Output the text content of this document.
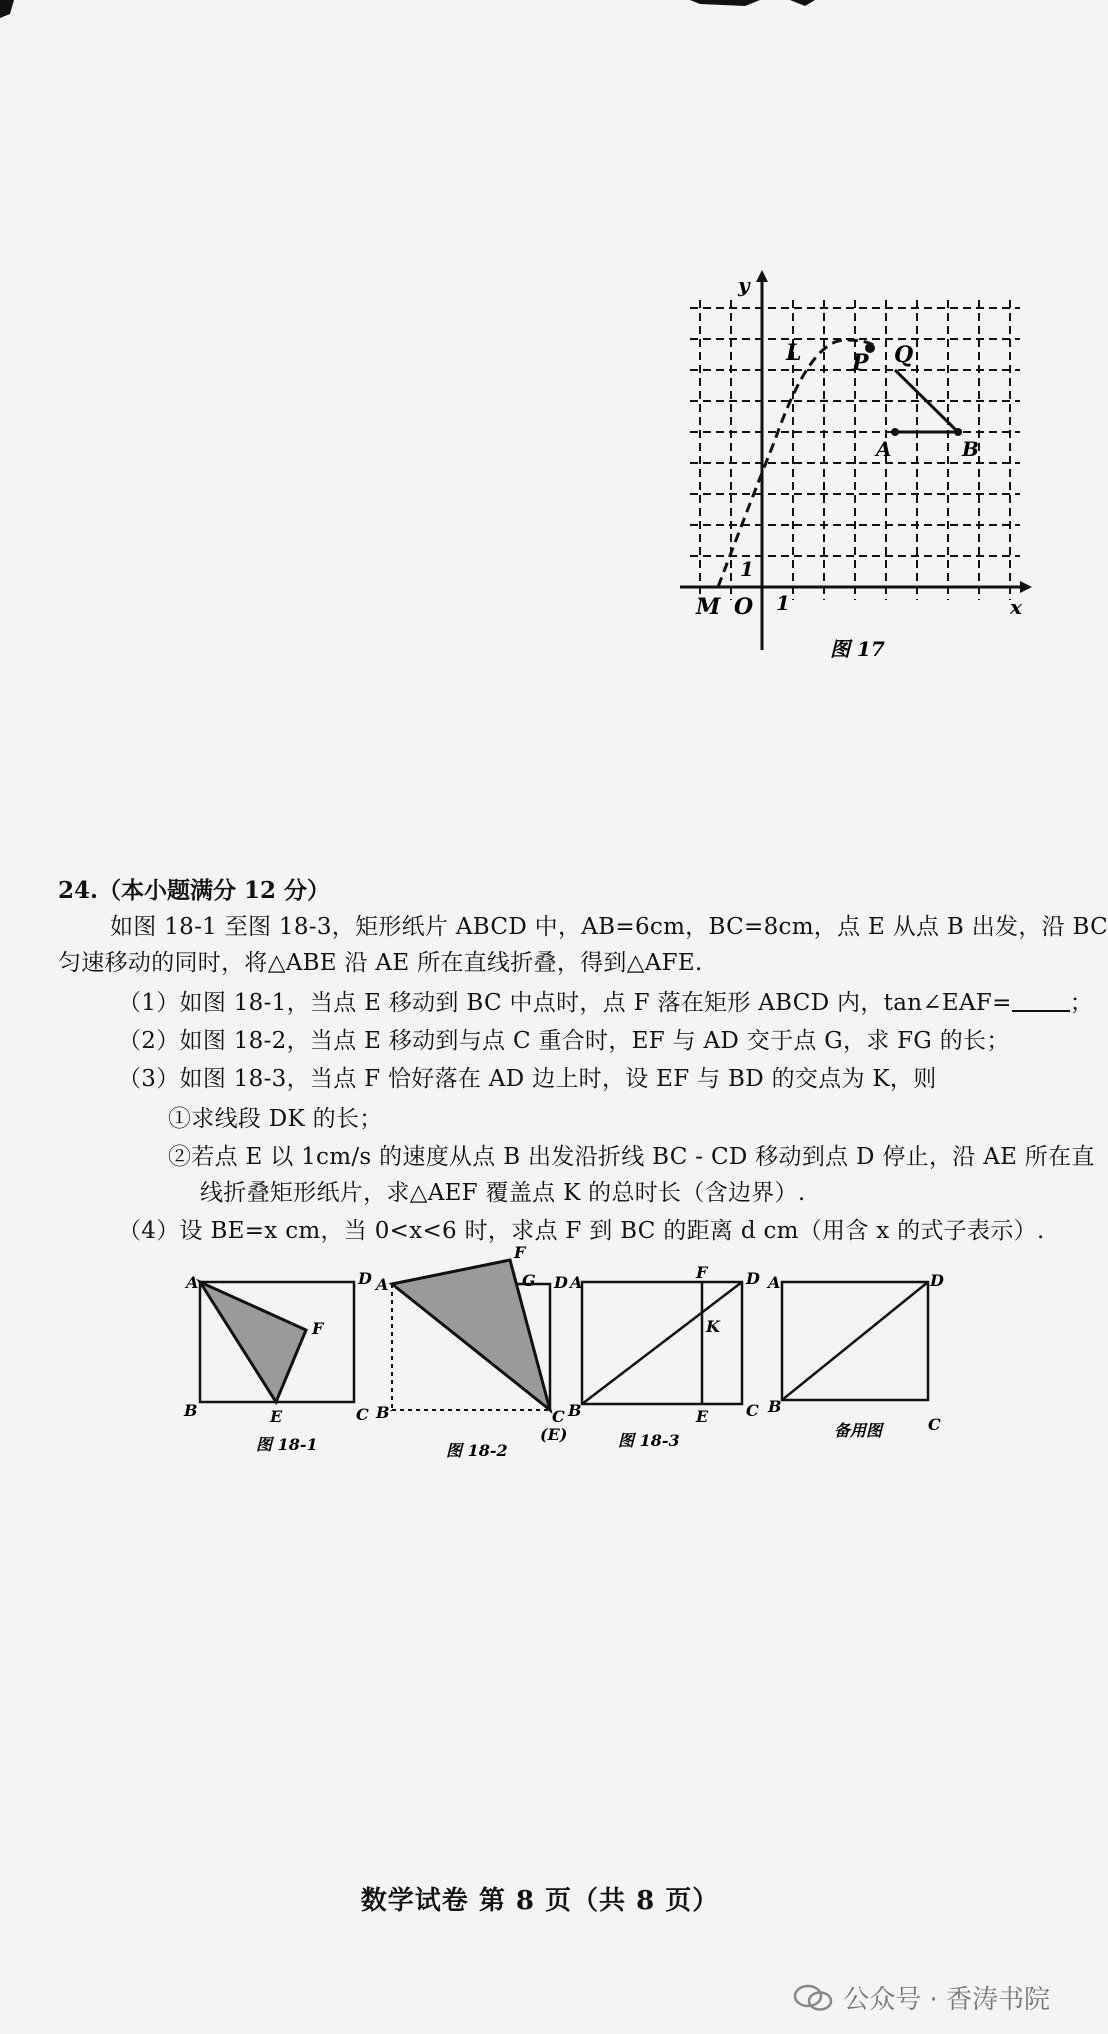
y
x
L P Q
A	B
M O 1
1
图 17
24.（本小题满分 12 分）
如图 18-1 至图 18-3，矩形纸片 ABCD 中，AB=6cm，BC=8cm，点 E 从点 B 出发，沿 BC
匀速移动的同时，将△ABE 沿 AE 所在直线折叠，得到△AFE.
（1）如图 18-1，当点 E 移动到 BC 中点时，点 F 落在矩形 ABCD 内，tan∠EAF=	；
（2）如图 18-2，当点 E 移动到与点 C 重合时，EF 与 AD 交于点 G，求 FG 的长；
（3）如图 18-3，当点 F 恰好落在 AD 边上时，设 EF 与 BD 的交点为 K，则
①求线段 DK 的长；
②若点 E 以 1cm/s 的速度从点 B 出发沿折线 BC - CD 移动到点 D 停止，沿 AE 所在直
线折叠矩形纸片，求△AEF 覆盖点 K 的总时长（含边界）.
（4）设 BE=x cm，当 0<x<6 时，求点 F 到 BC 的距离 d cm（用含 x 的式子表示）.
A	D
F
B	E	C
图 18-1
A
F
G D
B	C
(E)
图 18-2
A
F D
K
B	E C
图 18-3
A	D
B
C
备用图
数学试卷 第 8 页（共 8 页）
公众号 · 香涛书院
